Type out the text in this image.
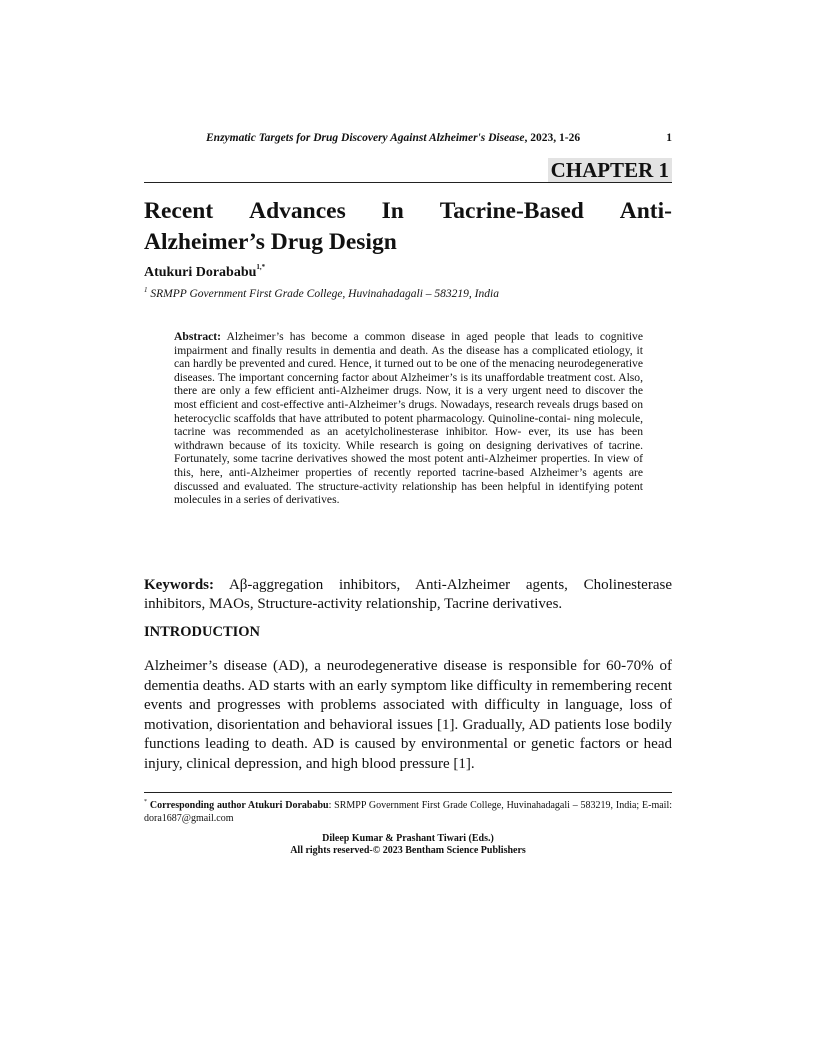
Enzymatic Targets for Drug Discovery Against Alzheimer's Disease, 2023, 1-26	1
CHAPTER 1
Recent Advances In Tacrine-Based Anti-
Alzheimer’s Drug Design
Atukuri Dorababu$^{1,*}$
$^1$ SRMPP Government First Grade College, Huvinahadagali – 583219, India

Abstract: Alzheimer’s has become a common disease in aged people that leads to cognitive impairment and finally results in dementia and death. As the disease has a complicated etiology, it can hardly be prevented and cured. Hence, it turned out to be one of the menacing neurodegenerative diseases. The important concerning factor about Alzheimer’s is its unaffordable treatment cost. Also, there are only a few efficient anti-Alzheimer drugs. Now, it is a very urgent need to discover the most efficient and cost-effective anti-Alzheimer’s drugs. Nowadays, research reveals drugs based on heterocyclic scaffolds that have attributed to potent pharmacology. Quinoline-contai- ning molecule, tacrine was recommended as an acetylcholinesterase inhibitor. How- ever, its use has been withdrawn because of its toxicity. While research is going on designing derivatives of tacrine. Fortunately, some tacrine derivatives showed the most potent anti-Alzheimer properties. In view of this, here, anti-Alzheimer properties of recently reported tacrine-based Alzheimer’s agents are discussed and evaluated. The structure-activity relationship has been helpful in identifying potent molecules in a series of derivatives.

Keywords: Aβ-aggregation inhibitors, Anti-Alzheimer agents, Cholinesterase inhibitors, MAOs, Structure-activity relationship, Tacrine derivatives.

INTRODUCTION

Alzheimer’s disease (AD), a neurodegenerative disease is responsible for 60-70% of dementia deaths. AD starts with an early symptom like difficulty in remembering recent events and progresses with problems associated with difficulty in language, loss of motivation, disorientation and behavioral issues [1]. Gradually, AD patients lose bodily functions leading to death. AD is caused by environmental or genetic factors or head injury, clinical depression, and high blood pressure [1].

* Corresponding author Atukuri Dorababu: SRMPP Government First Grade College, Huvinahadagali – 583219, India; E-mail: dora1687@gmail.com

Dileep Kumar & Prashant Tiwari (Eds.)
All rights reserved-© 2023 Bentham Science Publishers
